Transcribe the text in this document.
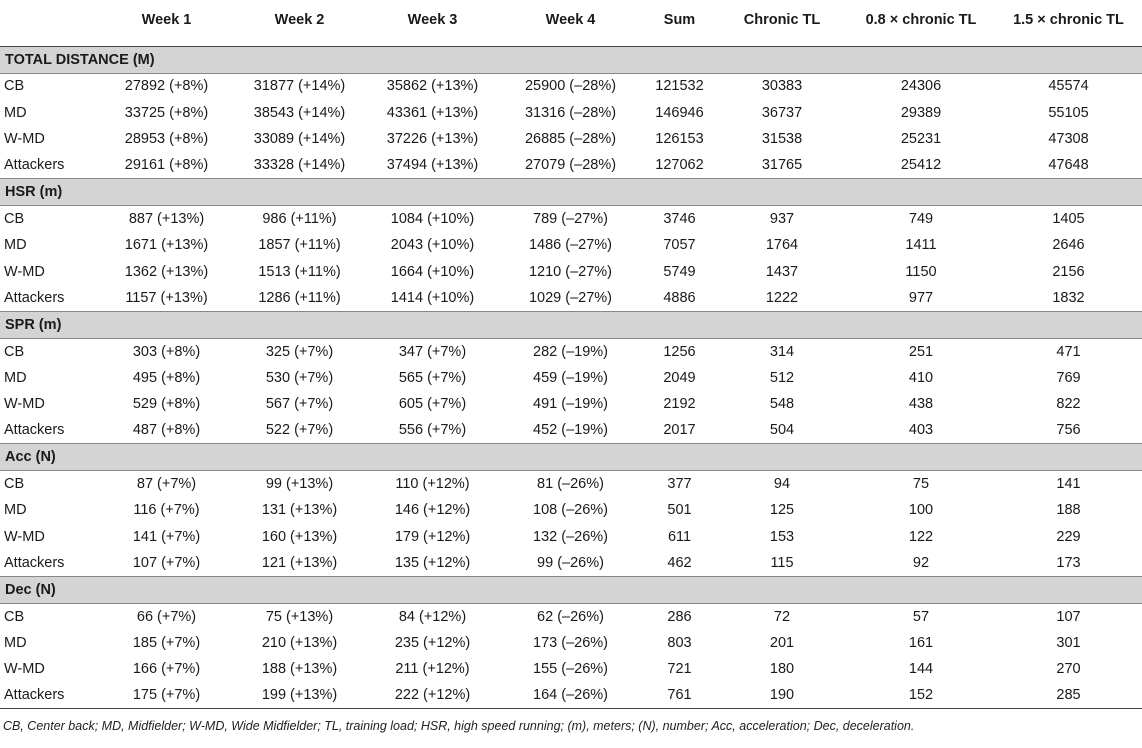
	Week 1	Week 2	Week 3	Week 4	Sum	Chronic TL	0.8 × chronic TL	1.5 × chronic TL
TOTAL DISTANCE (M)								
CB	27892 (+8%)	31877 (+14%)	35862 (+13%)	25900 (–28%)	121532	30383	24306	45574
MD	33725 (+8%)	38543 (+14%)	43361 (+13%)	31316 (–28%)	146946	36737	29389	55105
W-MD	28953 (+8%)	33089 (+14%)	37226 (+13%)	26885 (–28%)	126153	31538	25231	47308
Attackers	29161 (+8%)	33328 (+14%)	37494 (+13%)	27079 (–28%)	127062	31765	25412	47648
HSR (m)								
CB	887 (+13%)	986 (+11%)	1084 (+10%)	789 (–27%)	3746	937	749	1405
MD	1671 (+13%)	1857 (+11%)	2043 (+10%)	1486 (–27%)	7057	1764	1411	2646
W-MD	1362 (+13%)	1513 (+11%)	1664 (+10%)	1210 (–27%)	5749	1437	1150	2156
Attackers	1157 (+13%)	1286 (+11%)	1414 (+10%)	1029 (–27%)	4886	1222	977	1832
SPR (m)								
CB	303 (+8%)	325 (+7%)	347 (+7%)	282 (–19%)	1256	314	251	471
MD	495 (+8%)	530 (+7%)	565 (+7%)	459 (–19%)	2049	512	410	769
W-MD	529 (+8%)	567 (+7%)	605 (+7%)	491 (–19%)	2192	548	438	822
Attackers	487 (+8%)	522 (+7%)	556 (+7%)	452 (–19%)	2017	504	403	756
Acc (N)								
CB	87 (+7%)	99 (+13%)	110 (+12%)	81 (–26%)	377	94	75	141
MD	116 (+7%)	131 (+13%)	146 (+12%)	108 (–26%)	501	125	100	188
W-MD	141 (+7%)	160 (+13%)	179 (+12%)	132 (–26%)	611	153	122	229
Attackers	107 (+7%)	121 (+13%)	135 (+12%)	99 (–26%)	462	115	92	173
Dec (N)								
CB	66 (+7%)	75 (+13%)	84 (+12%)	62 (–26%)	286	72	57	107
MD	185 (+7%)	210 (+13%)	235 (+12%)	173 (–26%)	803	201	161	301
W-MD	166 (+7%)	188 (+13%)	211 (+12%)	155 (–26%)	721	180	144	270
Attackers	175 (+7%)	199 (+13%)	222 (+12%)	164 (–26%)	761	190	152	285
CB, Center back; MD, Midfielder; W-MD, Wide Midfielder; TL, training load; HSR, high speed running; (m), meters; (N), number; Acc, acceleration; Dec, deceleration.
